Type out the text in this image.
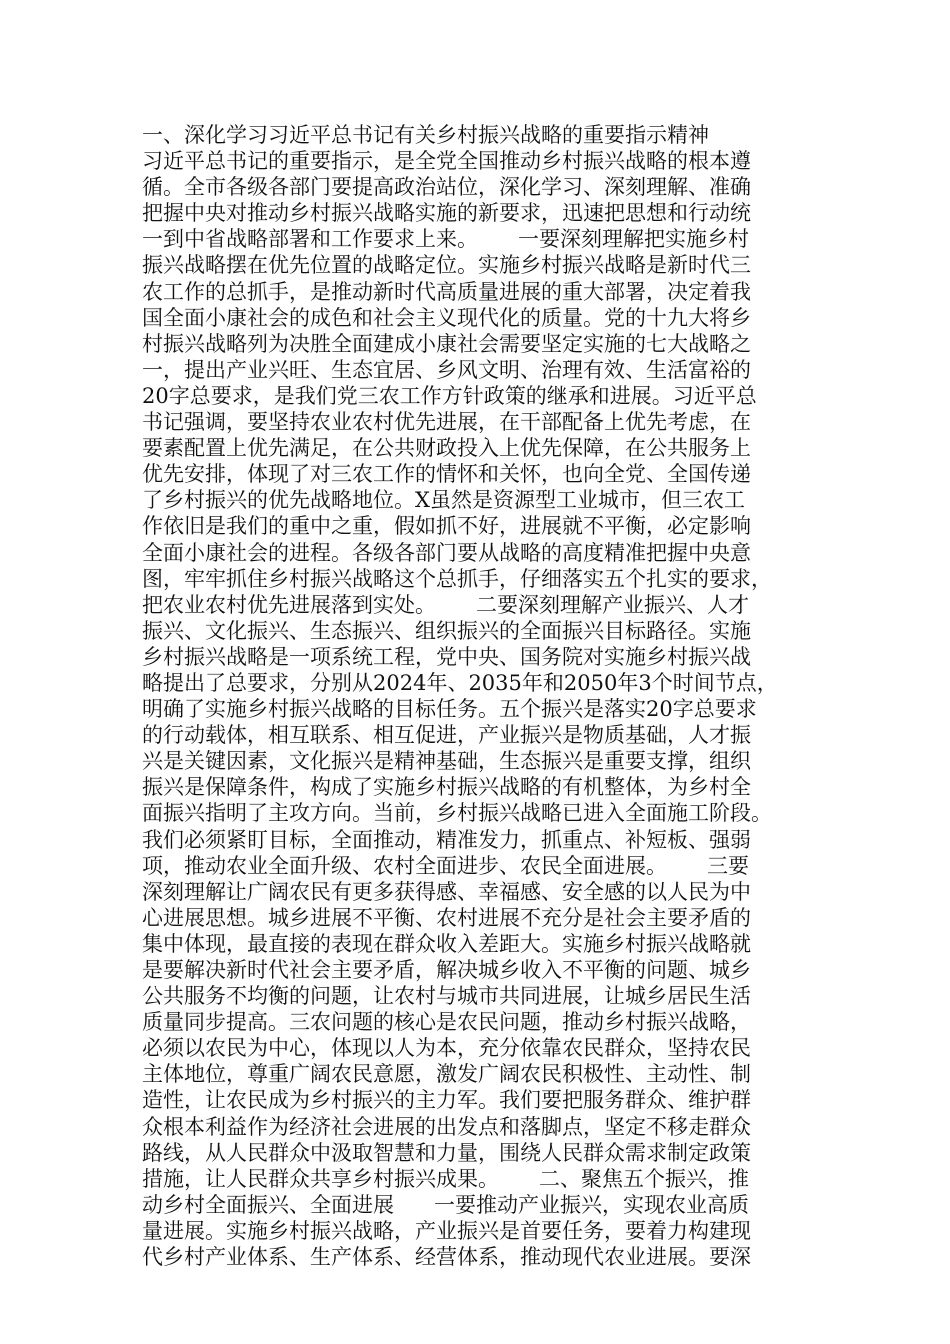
一、深化学习习近平总书记有关乡村振兴战略的重要指示精神
习近平总书记的重要指示，是全党全国推动乡村振兴战略的根本遵
循。全市各级各部门要提高政治站位，深化学习、深刻理解、准确
把握中央对推动乡村振兴战略实施的新要求，迅速把思想和行动统
一到中省战略部署和工作要求上来。      一要深刻理解把实施乡村
振兴战略摆在优先位置的战略定位。实施乡村振兴战略是新时代三
农工作的总抓手，是推动新时代高质量进展的重大部署，决定着我
国全面小康社会的成色和社会主义现代化的质量。党的十九大将乡
村振兴战略列为决胜全面建成小康社会需要坚定实施的七大战略之
一，提出产业兴旺、生态宜居、乡风文明、治理有效、生活富裕的
20字总要求，是我们党三农工作方针政策的继承和进展。习近平总
书记强调，要坚持农业农村优先进展，在干部配备上优先考虑，在
要素配置上优先满足，在公共财政投入上优先保障，在公共服务上
优先安排，体现了对三农工作的情怀和关怀，也向全党、全国传递
了乡村振兴的优先战略地位。X虽然是资源型工业城市，但三农工
作依旧是我们的重中之重，假如抓不好，进展就不平衡，必定影响
全面小康社会的进程。各级各部门要从战略的高度精准把握中央意
图，牢牢抓住乡村振兴战略这个总抓手，仔细落实五个扎实的要求，
把农业农村优先进展落到实处。      二要深刻理解产业振兴、人才
振兴、文化振兴、生态振兴、组织振兴的全面振兴目标路径。实施
乡村振兴战略是一项系统工程，党中央、国务院对实施乡村振兴战
略提出了总要求，分别从2024年、2035年和2050年3个时间节点，
明确了实施乡村振兴战略的目标任务。五个振兴是落实20字总要求
的行动载体，相互联系、相互促进，产业振兴是物质基础，人才振
兴是关键因素，文化振兴是精神基础，生态振兴是重要支撑，组织
振兴是保障条件，构成了实施乡村振兴战略的有机整体，为乡村全
面振兴指明了主攻方向。当前，乡村振兴战略已进入全面施工阶段。
我们必须紧盯目标，全面推动，精准发力，抓重点、补短板、强弱
项，推动农业全面升级、农村全面进步、农民全面进展。      三要
深刻理解让广阔农民有更多获得感、幸福感、安全感的以人民为中
心进展思想。城乡进展不平衡、农村进展不充分是社会主要矛盾的
集中体现，最直接的表现在群众收入差距大。实施乡村振兴战略就
是要解决新时代社会主要矛盾，解决城乡收入不平衡的问题、城乡
公共服务不均衡的问题，让农村与城市共同进展，让城乡居民生活
质量同步提高。三农问题的核心是农民问题，推动乡村振兴战略，
必须以农民为中心，体现以人为本，充分依靠农民群众，坚持农民
主体地位，尊重广阔农民意愿，激发广阔农民积极性、主动性、制
造性，让农民成为乡村振兴的主力军。我们要把服务群众、维护群
众根本利益作为经济社会进展的出发点和落脚点，坚定不移走群众
路线，从人民群众中汲取智慧和力量，围绕人民群众需求制定政策
措施，让人民群众共享乡村振兴成果。      二、聚焦五个振兴，推
动乡村全面振兴、全面进展      一要推动产业振兴，实现农业高质
量进展。实施乡村振兴战略，产业振兴是首要任务，要着力构建现
代乡村产业体系、生产体系、经营体系，推动现代农业进展。要深
